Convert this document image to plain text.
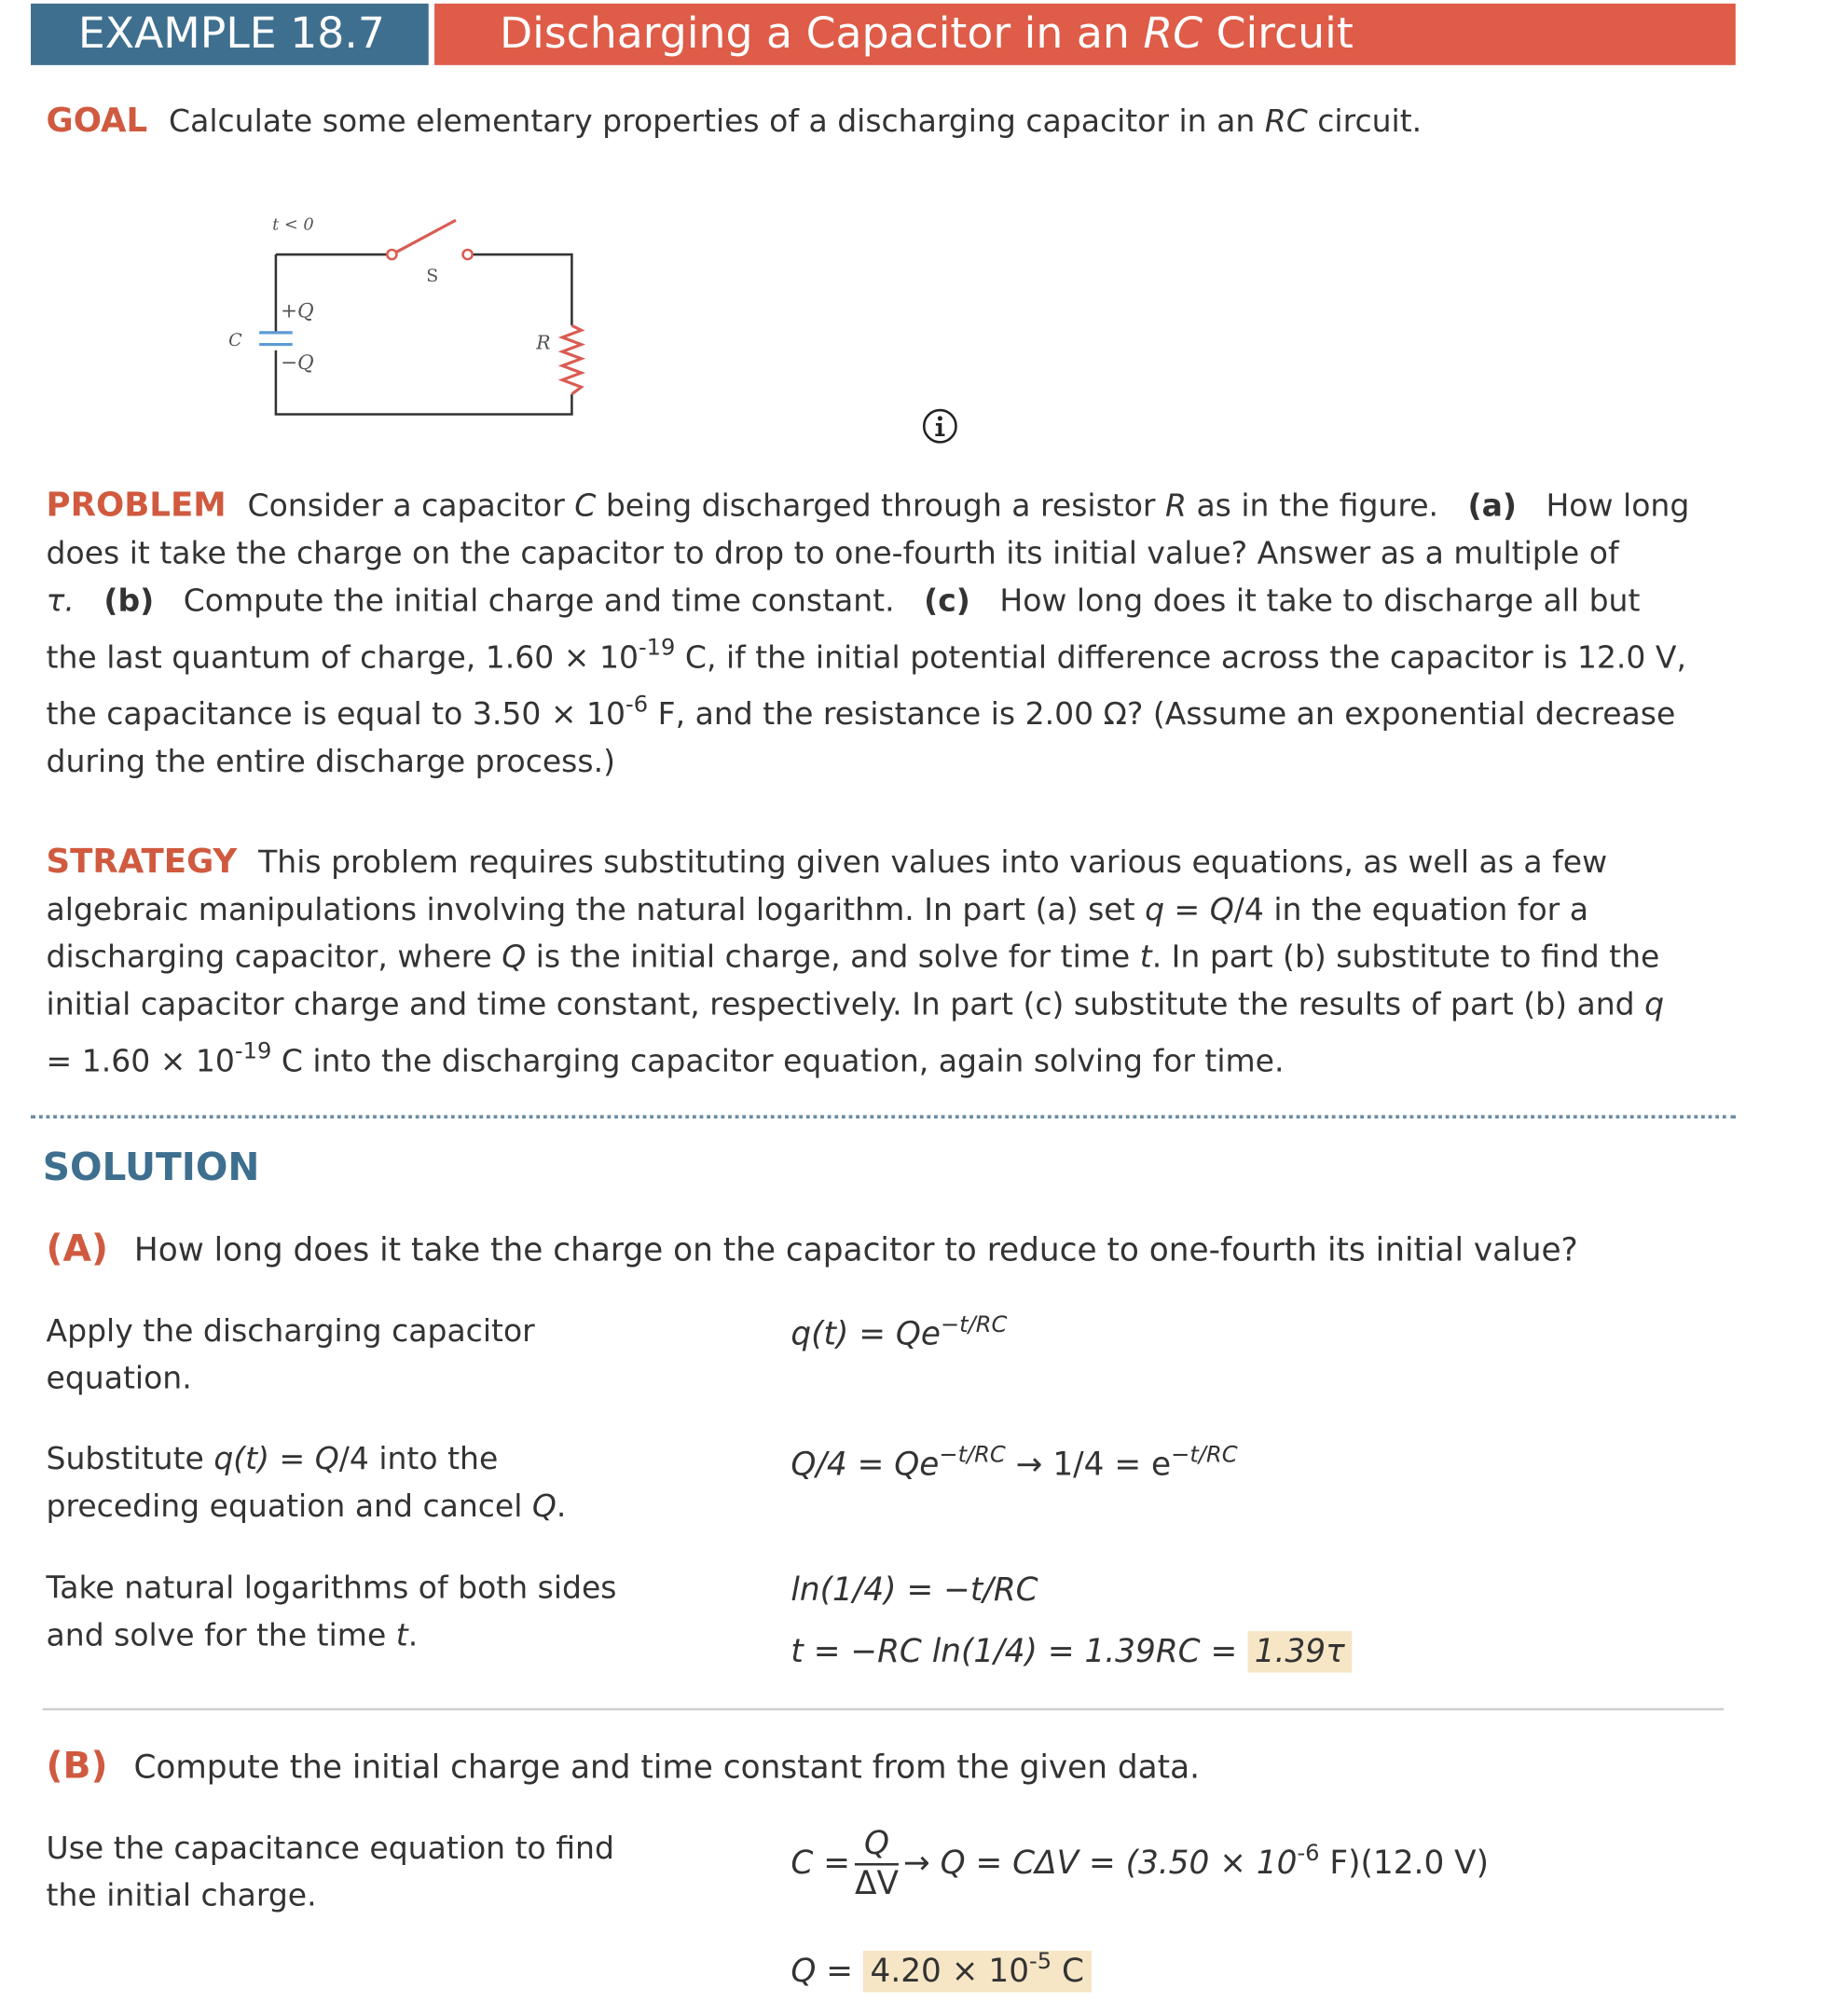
EXAMPLE 18.7	Discharging a Capacitor in an RC Circuit
GOAL Calculate some elementary properties of a discharging capacitor in an RC circuit.
t < 0
S
C
+Q
−Q
R
PROBLEM Consider a capacitor C being discharged through a resistor R as in the figure. (a) How long does it take the charge on the capacitor to drop to one-fourth its initial value? Answer as a multiple of
τ. (b) Compute the initial charge and time constant. (c) How long does it take to discharge all but
the last quantum of charge, $1.60 \times 10^{-19}$ C, if the initial potential difference across the capacitor is 12.0 V,
the capacitance is equal to $3.50 \times 10^{-6}$ F, and the resistance is 2.00 Ω? (Assume an exponential decrease
during the entire discharge process.)
STRATEGY This problem requires substituting given values into various equations, as well as a few
algebraic manipulations involving the natural logarithm. In part (a) set q = Q/4 in the equation for a
discharging capacitor, where Q is the initial charge, and solve for time t. In part (b) substitute to find the
initial capacitor charge and time constant, respectively. In part (c) substitute the results of part (b) and q
= $1.60 \times 10^{-19}$ C into the discharging capacitor equation, again solving for time.
SOLUTION
(A) How long does it take the charge on the capacitor to reduce to one-fourth its initial value?
Apply the discharging capacitor equation.
$q(t) = Qe^{-t/RC}$
Substitute q(t) = Q/4 into the preceding equation and cancel Q.
$Q/4 = Qe^{-t/RC} \to 1/4 = e^{-t/RC}$
Take natural logarithms of both sides and solve for the time t.
ln(1/4) = −t/RC
t = −RC ln(1/4) = 1.39RC = 1.39τ
(B) Compute the initial charge and time constant from the given data.
Use the capacitance equation to find the initial charge.
$C = \frac{Q}{\Delta V} \to Q = C\Delta V = (3.50 \times 10^{-6}$ F)(12.0 V)
$Q = 4.20 \times 10^{-5}$ C
